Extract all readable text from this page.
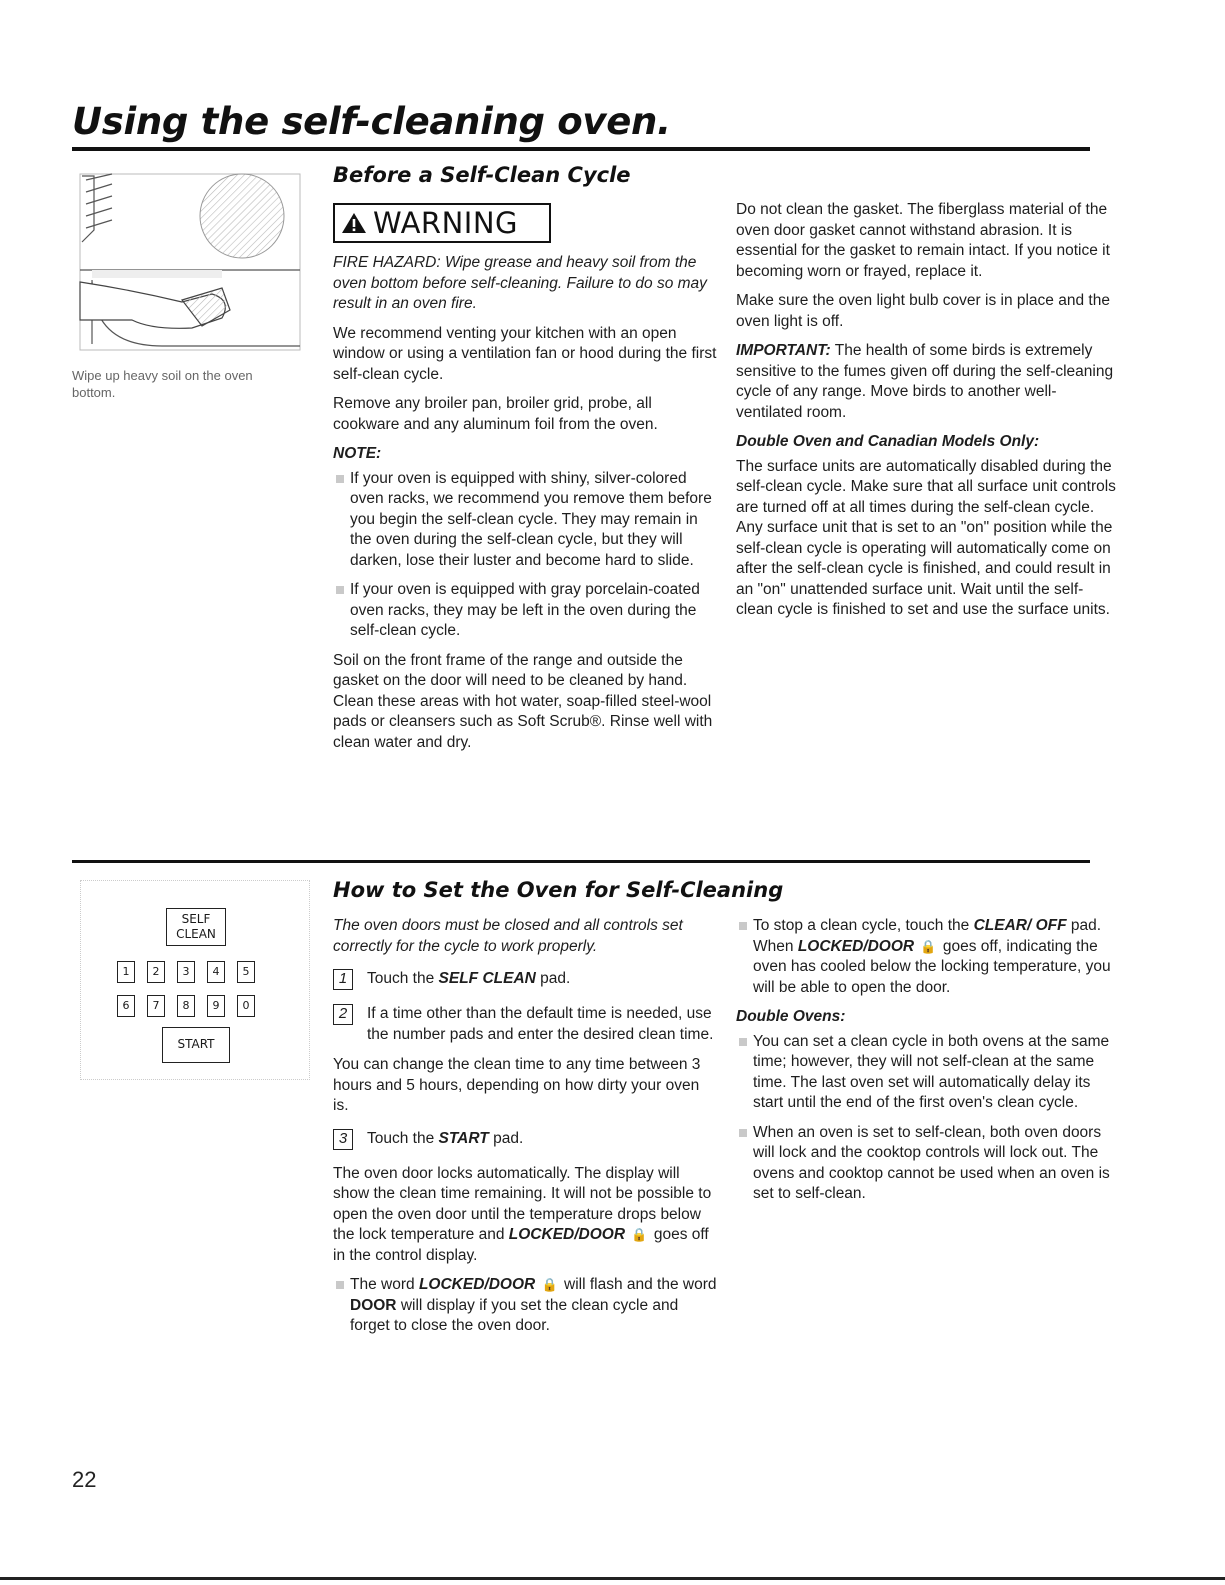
Using the self-cleaning oven.
Wipe up heavy soil on the oven bottom.
Before a Self-Clean Cycle
WARNING

FIRE HAZARD: Wipe grease and heavy soil from the oven bottom before self-cleaning. Failure to do so may result in an oven fire.

We recommend venting your kitchen with an open window or using a ventilation fan or hood during the first self-clean cycle.

Remove any broiler pan, broiler grid, probe, all cookware and any aluminum foil from the oven.

NOTE:
If your oven is equipped with shiny, silver-colored oven racks, we recommend you remove them before you begin the self-clean cycle. They may remain in the oven during the self-clean cycle, but they will darken, lose their luster and become hard to slide.
If your oven is equipped with gray porcelain-coated oven racks, they may be left in the oven during the self-clean cycle.

Soil on the front frame of the range and outside the gasket on the door will need to be cleaned by hand. Clean these areas with hot water, soap-filled steel-wool pads or cleansers such as Soft Scrub®. Rinse well with clean water and dry.

Do not clean the gasket. The fiberglass material of the oven door gasket cannot withstand abrasion. It is essential for the gasket to remain intact. If you notice it becoming worn or frayed, replace it.

Make sure the oven light bulb cover is in place and the oven light is off.

IMPORTANT: The health of some birds is extremely sensitive to the fumes given off during the self-cleaning cycle of any range. Move birds to another well-ventilated room.

Double Oven and Canadian Models Only:

The surface units are automatically disabled during the self-clean cycle. Make sure that all surface unit controls are turned off at all times during the self-clean cycle. Any surface unit that is set to an "on" position while the self-clean cycle is operating will automatically come on after the self-clean cycle is finished, and could result in an "on" unattended surface unit. Wait until the self-clean cycle is finished to set and use the surface units.

SELF
CLEAN
1	2	3	4	5
6	7	8	9	0
START
How to Set the Oven for Self-Cleaning

The oven doors must be closed and all controls set correctly for the cycle to work properly.

1	Touch the SELF CLEAN pad.
2	If a time other than the default time is needed, use the number pads and enter the desired clean time.

You can change the clean time to any time between 3 hours and 5 hours, depending on how dirty your oven is.

3	Touch the START pad.

The oven door locks automatically. The display will show the clean time remaining. It will not be possible to open the oven door until the temperature drops below the lock temperature and LOCKED/DOOR 🔒 goes off in the control display.

The word LOCKED/DOOR 🔒 will flash and the word DOOR will display if you set the clean cycle and forget to close the oven door.
To stop a clean cycle, touch the CLEAR/ OFF pad. When LOCKED/DOOR 🔒 goes off, indicating the oven has cooled below the locking temperature, you will be able to open the door.
Double Ovens:
You can set a clean cycle in both ovens at the same time; however, they will not self-clean at the same time. The last oven set will automatically delay its start until the end of the first oven's clean cycle.
When an oven is set to self-clean, both oven doors will lock and the cooktop controls will lock out. The ovens and cooktop cannot be used when an oven is set to self-clean.
22
